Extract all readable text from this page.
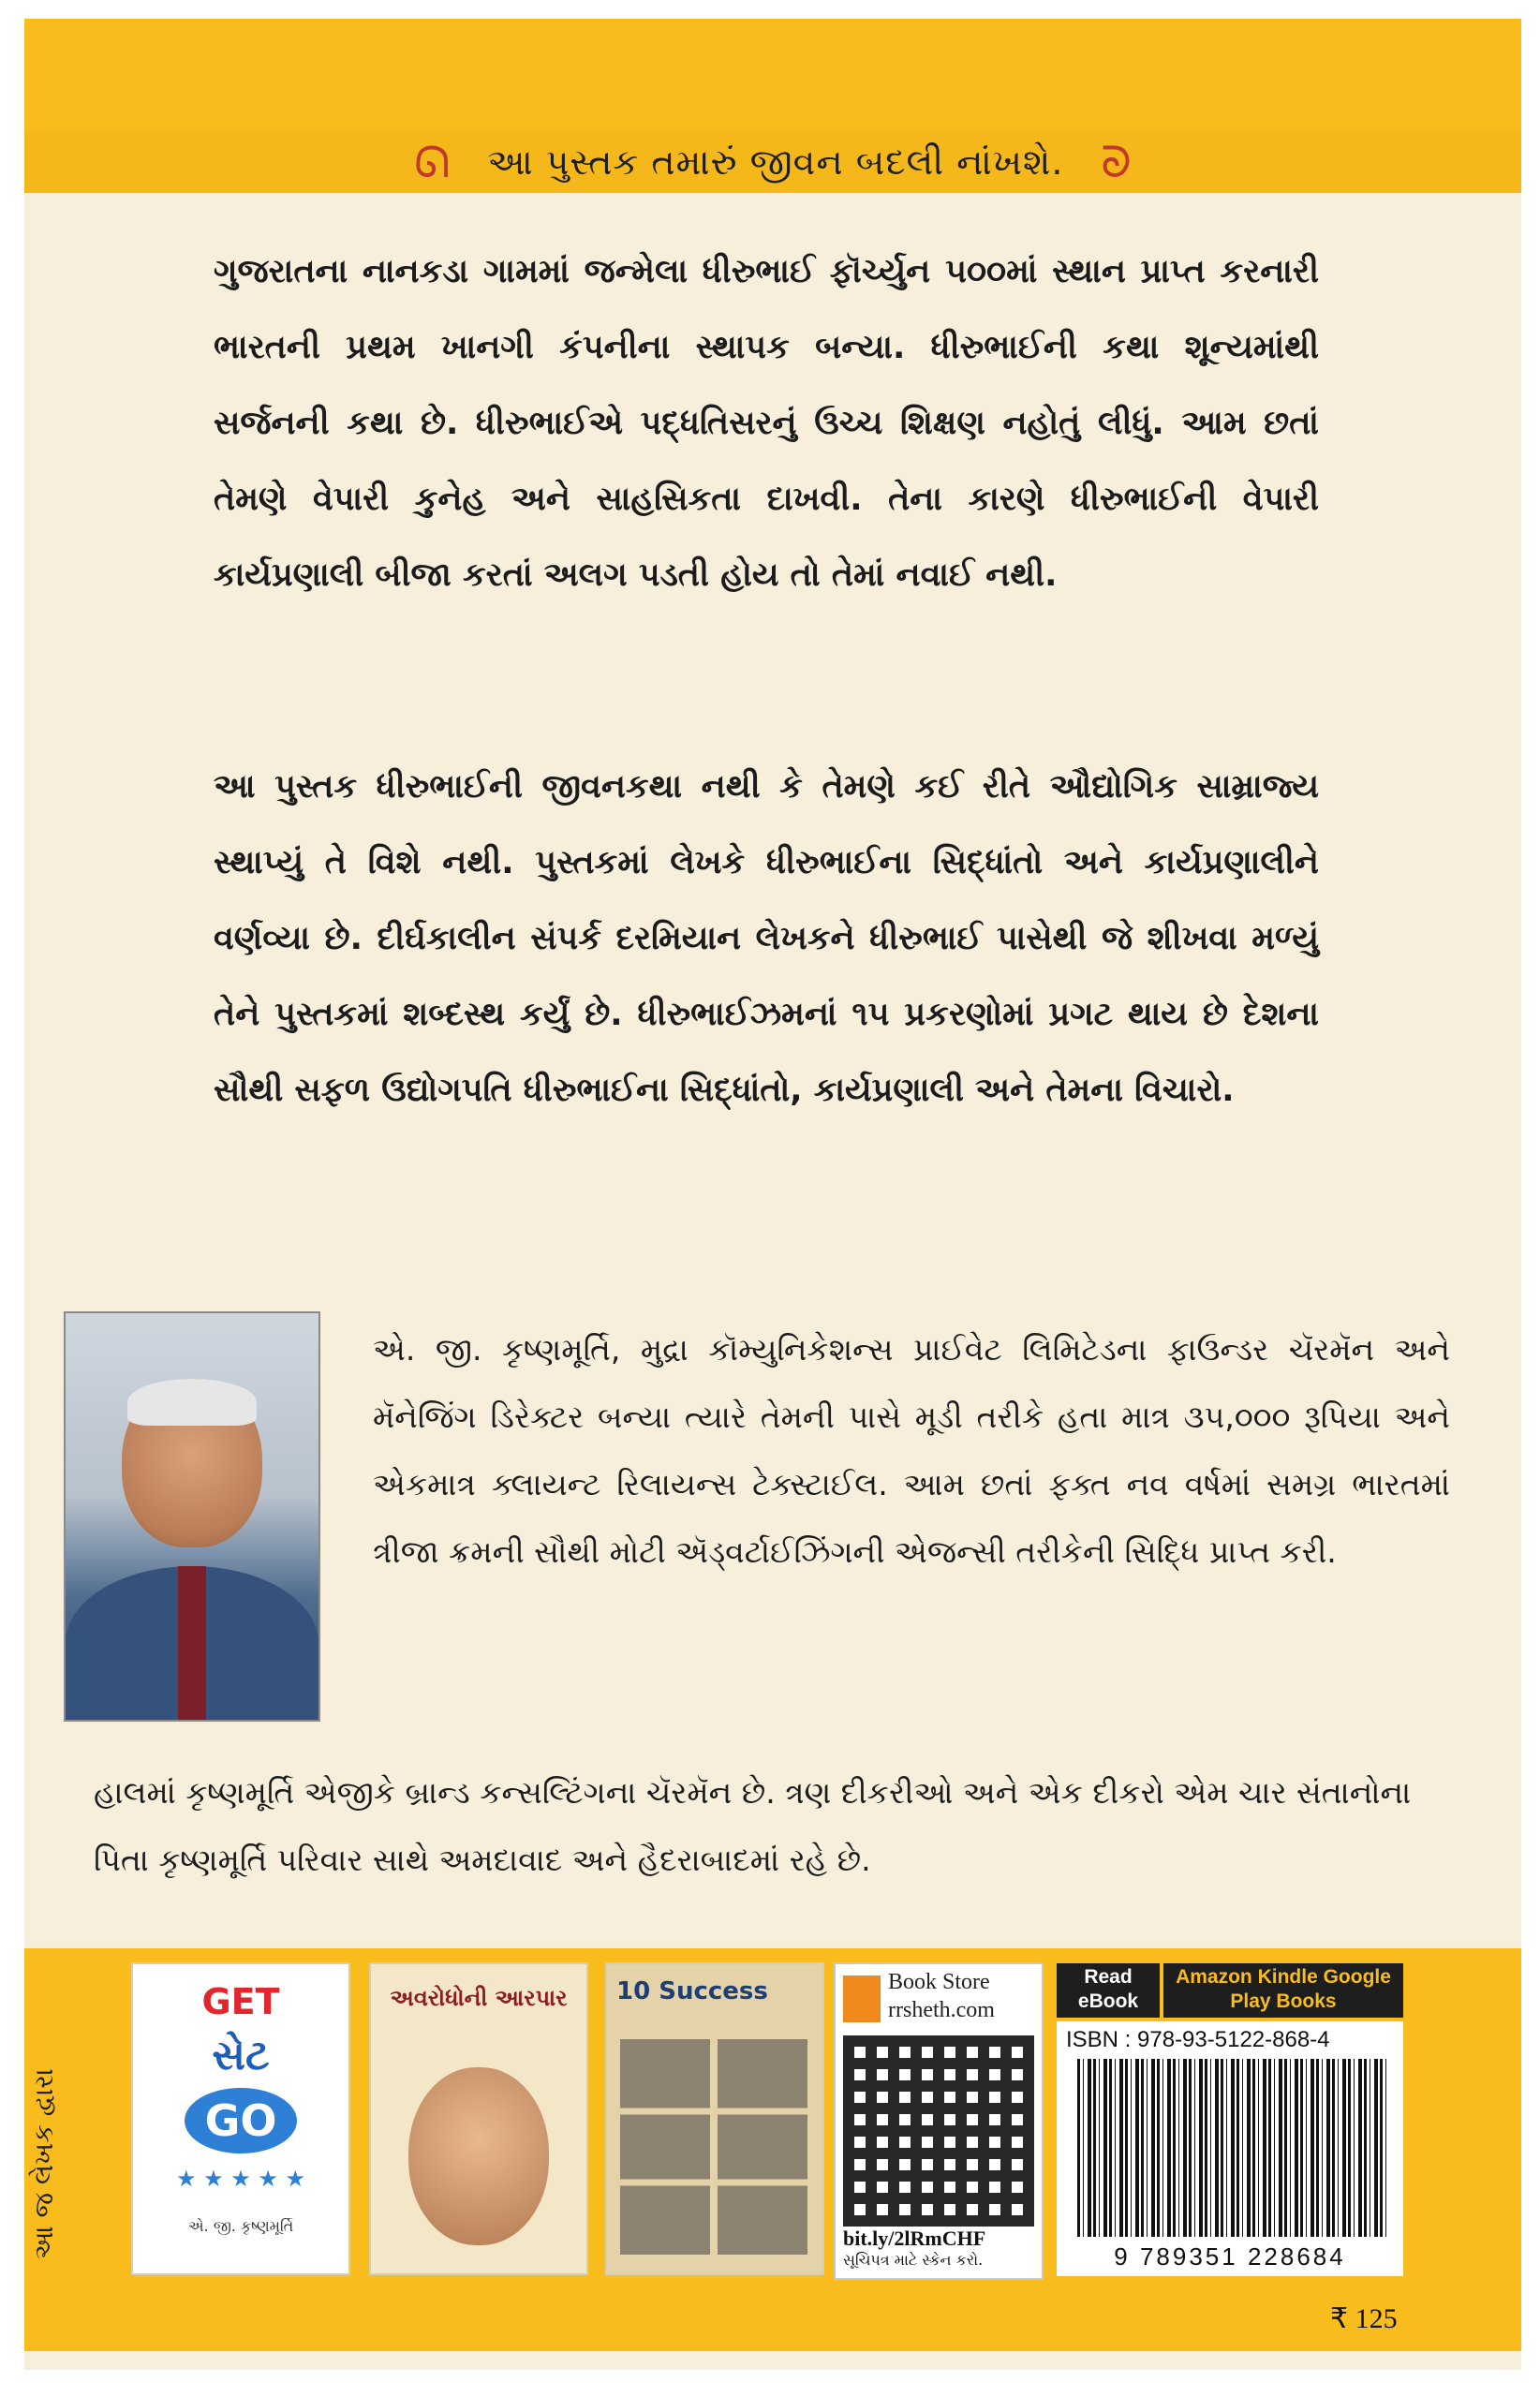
ᘏ આ પુસ્તક તમારું જીવન બદલી નાંખશે. ᘐ

ગુજરાતના નાનકડા ગામમાં જન્મેલા ધીરુભાઈ ફૉર્ચ્યુન ૫૦૦માં સ્થાન પ્રાપ્ત કરનારી ભારતની પ્રથમ ખાનગી કંપનીના સ્થાપક બન્યા. ધીરુભાઈની કથા શૂન્યમાંથી સર્જનની કથા છે. ધીરુભાઈએ પદ્ધતિસરનું ઉચ્ચ શિક્ષણ નહોતું લીધું. આમ છતાં તેમણે વેપારી કુનેહ અને સાહસિકતા દાખવી. તેના કારણે ધીરુભાઈની વેપારી કાર્યપ્રણાલી બીજા કરતાં અલગ પડતી હોય તો તેમાં નવાઈ નથી.

આ પુસ્તક ધીરુભાઈની જીવનકથા નથી કે તેમણે કઈ રીતે ઔદ્યોગિક સામ્રાજ્ય સ્થાપ્યું તે વિશે નથી. પુસ્તકમાં લેખકે ધીરુભાઈના સિદ્ધાંતો અને કાર્યપ્રણાલીને વર્ણવ્યા છે. દીર્ઘકાલીન સંપર્ક દરમિયાન લેખકને ધીરુભાઈ પાસેથી જે શીખવા મળ્યું તેને પુસ્તકમાં શબ્દસ્થ કર્યું છે. ધીરુભાઈઝમનાં ૧૫ પ્રકરણોમાં પ્રગટ થાય છે દેશના સૌથી સફળ ઉદ્યોગપતિ ધીરુભાઈના સિદ્ધાંતો, કાર્યપ્રણાલી અને તેમના વિચારો.

એ. જી. કૃષ્ણમૂર્તિ, મુદ્રા કૉમ્યુનિકેશન્સ પ્રાઈવેટ લિમિટેડના ફાઉન્ડર ચૅરમૅન અને મૅનેજિંગ ડિરેક્ટર બન્યા ત્યારે તેમની પાસે મૂડી તરીકે હતા માત્ર ૩૫,૦૦૦ રૂપિયા અને એકમાત્ર ક્લાયન્ટ રિલાયન્સ ટેક્સ્ટાઈલ. આમ છતાં ફક્ત નવ વર્ષમાં સમગ્ર ભારતમાં ત્રીજા ક્રમની સૌથી મોટી ઍડ્વર્ટાઈઝિંગની એજન્સી તરીકેની સિદ્ધિ પ્રાપ્ત કરી.

હાલમાં કૃષ્ણમૂર્તિ એજીકે બ્રાન્ડ કન્સલ્ટિંગના ચૅરમૅન છે. ત્રણ દીકરીઓ અને એક દીકરો એમ ચાર સંતાનોના પિતા કૃષ્ણમૂર્તિ પરિવાર સાથે અમદાવાદ અને હૈદરાબાદમાં રહે છે.

આ જ લેખક દ્વારા
GET
સેટ
GO
★ ★ ★ ★ ★
એ. જી. કૃષ્ણમૂર્તિ
અવરોધોની આરપાર	10 Success	Book Store
rrsheth.com
bit.ly/2lRmCHF
સૂચિપત્ર માટે સ્કેન કરો.
Read eBook
Amazon Kindle Google Play Books
ISBN : 978-93-5122-868-4
9 789351 228684
₹ 125
